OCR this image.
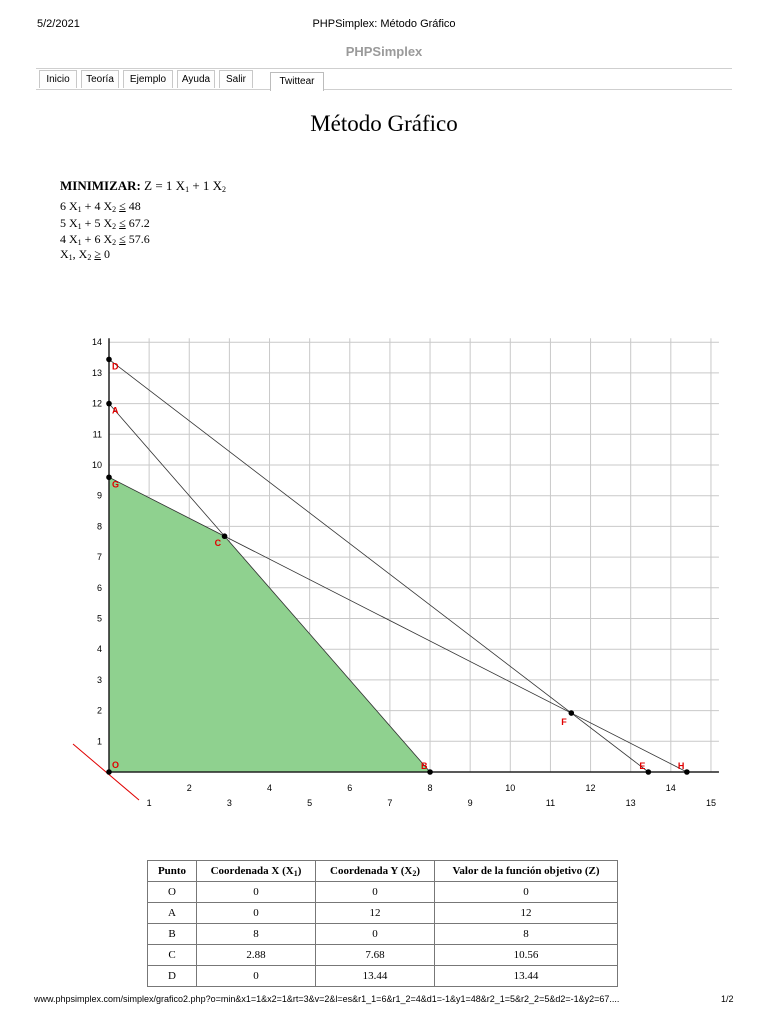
5/2/2021	PHPSimplex: Método Gráfico
PHPSimplex
Inicio	Teoría	Ejemplo	Ayuda	Salir	Twittear
Método Gráfico
MINIMIZAR: Z = 1 $X_1 + 1$ $X_2$
6 $X_1 + 4$ $X_2 \le 48$
5 $X_1 + 5$ $X_2 \le 67.2$
4 $X_1 + 6$ $X_2 \le 57.6$
$X_1$, $X_2 \ge 0$
1
2
3
4
5
6
7
8
9
10
11
12
13
14
15
1
2
3
4
5
6
7
8
9
10
11
12
13
14
O
A
B
C
D
E
F
G
H
Punto	Coordenada X $(X_1)$	Coordenada Y $(X_2)$	Valor de la función objetivo (Z)
O	0	0	0
A	0	12	12
B	8	0	8
C	2.88	7.68	10.56
D	0	13.44	13.44
www.phpsimplex.com/simplex/grafico2.php?o=min&x1=1&x2=1&rt=3&v=2&l=es&r1_1=6&r1_2=4&d1=-1&y1=48&r2_1=5&r2_2=5&d2=-1&y2=67....	1/2
